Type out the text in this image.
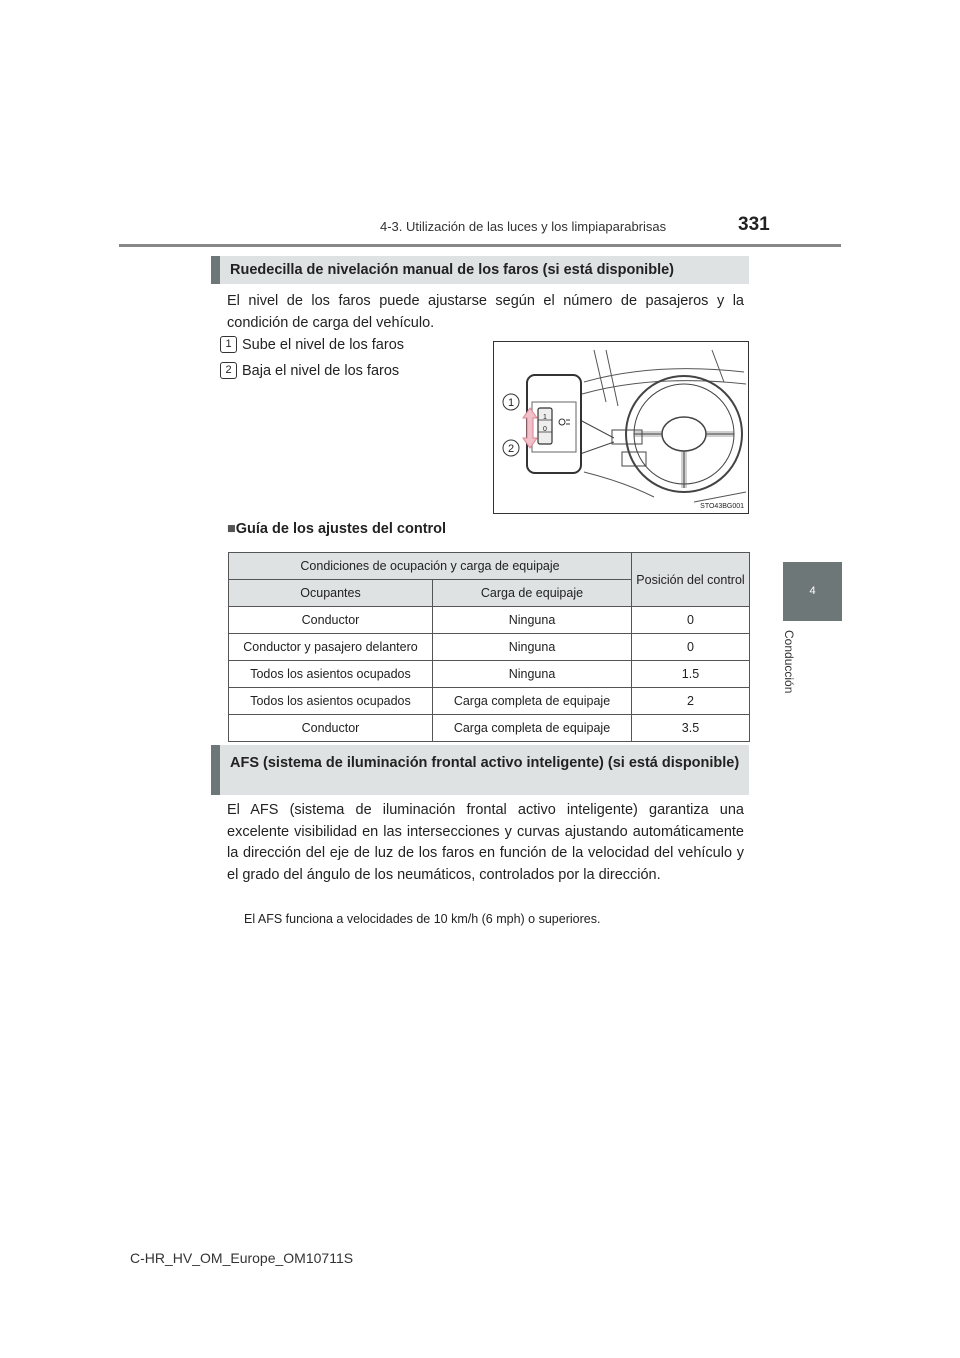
4-3. Utilización de las luces y los limpiaparabrisas	331
4
Conducción
Ruedecilla de nivelación manual de los faros (si está disponible)
El nivel de los faros puede ajustarse según el número de pasajeros y la condición de carga del vehículo.
1 Sube el nivel de los faros
2 Baja el nivel de los faros
1
0
1
2
STO43BG001
■Guía de los ajustes del control
Condiciones de ocupación y carga de equipaje		Posición del control
Ocupantes	Carga de equipaje	
Conductor	Ninguna	0
Conductor y pasajero delantero	Ninguna	0
Todos los asientos ocupados	Ninguna	1.5
Todos los asientos ocupados	Carga completa de equipaje	2
Conductor	Carga completa de equipaje	3.5
AFS (sistema de iluminación frontal activo inteligente) (si está disponible)
El AFS (sistema de iluminación frontal activo inteligente) garantiza una excelente visibilidad en las intersecciones y curvas ajustando automáticamente la dirección del eje de luz de los faros en función de la velocidad del vehículo y el grado del ángulo de los neumáticos, controlados por la dirección.
El AFS funciona a velocidades de 10 km/h (6 mph) o superiores.
C-HR_HV_OM_Europe_OM10711S
